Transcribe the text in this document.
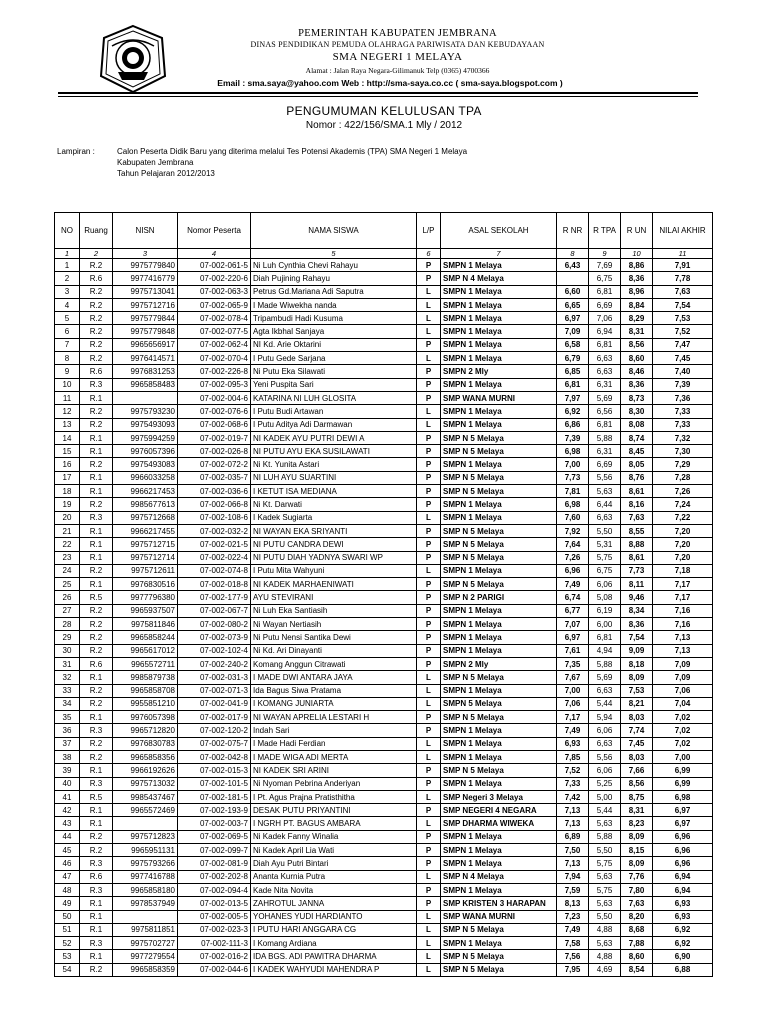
PEMERINTAH KABUPATEN JEMBRANA
DINAS PENDIDIKAN PEMUDA OLAHRAGA PARIWISATA DAN KEBUDAYAAN
SMA NEGERI 1 MELAYA
Alamat : Jalan Raya Negara-Gilimanuk Telp (0365) 4700366
Email : sma.saya@yahoo.com Web : http://sma-saya.co.cc ( sma-saya.blogspot.com )
PENGUMUMAN KELULUSAN TPA
Nomor : 422/156/SMA.1 Mly / 2012
Lampiran :	Calon Peserta Didik Baru yang diterima melalui Tes Potensi Akademis (TPA) SMA Negeri 1 Melaya
Kabupaten Jembrana
Tahun Pelajaran 2012/2013
NO	Ruang	NISN	Nomor Peserta	NAMA SISWA	L/P	ASAL SEKOLAH	R NR	R TPA	R UN	NILAI AKHIR
1	2	3	4	5	6	7	8	9	10	11
1	R.2	9975779840	07-002-061-5	Ni Luh Cynthia Chevi Rahayu	P	SMPN 1 Melaya	6,43	7,69	8,86	7,91
2	R.6	9977416779	07-002-220-6	Diah Pujining Rahayu	P	SMP N 4 Melaya		6,75	8,36	7,78
3	R.2	9975713041	07-002-063-3	Petrus Gd.Mariana Adi Saputra	L	SMPN 1 Melaya	6,60	6,81	8,96	7,63
4	R.2	9975712716	07-002-065-9	I Made Wiwekha nanda	L	SMPN 1 Melaya	6,65	6,69	8,84	7,54
5	R.2	9975779844	07-002-078-4	Tripambudi Hadi Kusuma	L	SMPN 1 Melaya	6,97	7,06	8,29	7,53
6	R.2	9975779848	07-002-077-5	Agta Ikbhal Sanjaya	L	SMPN 1 Melaya	7,09	6,94	8,31	7,52
7	R.2	9965656917	07-002-062-4	NI Kd. Arie Oktarini	P	SMPN 1 Melaya	6,58	6,81	8,56	7,47
8	R.2	9976414571	07-002-070-4	I Putu Gede Sarjana	L	SMPN 1 Melaya	6,79	6,63	8,60	7,45
9	R.6	9976831253	07-002-226-8	Ni Putu Eka Silawati	P	SMPN 2 Mly	6,85	6,63	8,46	7,40
10	R.3	9965858483	07-002-095-3	Yeni Puspita Sari	P	SMPN 1 Melaya	6,81	6,31	8,36	7,39
11	R.1		07-002-004-6	KATARINA NI LUH GLOSITA	P	SMP WANA MURNI	7,97	5,69	8,73	7,36
12	R.2	9975793230	07-002-076-6	I Putu Budi Artawan	L	SMPN 1 Melaya	6,92	6,56	8,30	7,33
13	R.2	9975493093	07-002-068-6	I Putu Aditya Adi Darmawan	L	SMPN 1 Melaya	6,86	6,81	8,08	7,33
14	R.1	9975994259	07-002-019-7	NI KADEK AYU PUTRI DEWI A	P	SMP N 5 Melaya	7,39	5,88	8,74	7,32
15	R.1	9976057396	07-002-026-8	NI PUTU AYU EKA SUSILAWATI	P	SMP N 5 Melaya	6,98	6,31	8,45	7,30
16	R.2	9975493083	07-002-072-2	Ni Kt. Yunita Astari	P	SMPN 1 Melaya	7,00	6,69	8,05	7,29
17	R.1	9966033258	07-002-035-7	NI LUH AYU SUARTINI	P	SMP N 5 Melaya	7,73	5,56	8,76	7,28
18	R.1	9966217453	07-002-036-6	I KETUT ISA MEDIANA	P	SMP N 5 Melaya	7,81	5,63	8,61	7,26
19	R.2	9985677613	07-002-066-8	Ni Kt. Darwati	P	SMPN 1 Melaya	6,98	6,44	8,16	7,24
20	R.3	9975712668	07-002-108-6	I Kadek Sugiarta	L	SMPN 1 Melaya	7,60	6,63	7,63	7,22
21	R.1	9966217455	07-002-032-2	NI WAYAN EKA SRIYANTI	P	SMP N 5 Melaya	7,92	5,50	8,55	7,20
22	R.1	9975712715	07-002-021-5	NI PUTU CANDRA DEWI	P	SMP N 5 Melaya	7,64	5,31	8,88	7,20
23	R.1	9975712714	07-002-022-4	NI PUTU DIAH YADNYA SWARI WP	P	SMP N 5 Melaya	7,26	5,75	8,61	7,20
24	R.2	9975712611	07-002-074-8	I Putu Mita Wahyuni	L	SMPN 1 Melaya	6,96	6,75	7,73	7,18
25	R.1	9976830516	07-002-018-8	NI KADEK MARHAENIWATI	P	SMP N 5 Melaya	7,49	6,06	8,11	7,17
26	R.5	9977796380	07-002-177-9	AYU STEVIRANI	P	SMP N 2 PARIGI	6,74	5,08	9,46	7,17
27	R.2	9965937507	07-002-067-7	Ni Luh Eka Santiasih	P	SMPN 1 Melaya	6,77	6,19	8,34	7,16
28	R.2	9975811846	07-002-080-2	Ni Wayan Nertiasih	P	SMPN 1 Melaya	7,07	6,00	8,36	7,16
29	R.2	9965858244	07-002-073-9	Ni Putu Nensi Santika Dewi	P	SMPN 1 Melaya	6,97	6,81	7,54	7,13
30	R.2	9965617012	07-002-102-4	Ni Kd. Ari Dinayanti	P	SMPN 1 Melaya	7,61	4,94	9,09	7,13
31	R.6	9965572711	07-002-240-2	Komang Anggun Citrawati	P	SMPN 2 Mly	7,35	5,88	8,18	7,09
32	R.1	9985879738	07-002-031-3	I MADE DWI ANTARA JAYA	L	SMP N 5 Melaya	7,67	5,69	8,09	7,09
33	R.2	9965858708	07-002-071-3	Ida Bagus Siwa Pratama	L	SMPN 1 Melaya	7,00	6,63	7,53	7,06
34	R.2	9955851210	07-002-041-9	I KOMANG JUNIARTA	L	SMPN 5 Melaya	7,06	5,44	8,21	7,04
35	R.1	9976057398	07-002-017-9	NI WAYAN APRELIA LESTARI H	P	SMP N 5 Melaya	7,17	5,94	8,03	7,02
36	R.3	9965712820	07-002-120-2	Indah Sari	P	SMPN 1 Melaya	7,49	6,06	7,74	7,02
37	R.2	9976830783	07-002-075-7	I Made Hadi Ferdian	L	SMPN 1 Melaya	6,93	6,63	7,45	7,02
38	R.2	9965858356	07-002-042-8	I MADE WIGA ADI MERTA	L	SMPN 1 Melaya	7,85	5,56	8,03	7,00
39	R.1	9966192626	07-002-015-3	NI KADEK SRI ARINI	P	SMP N 5 Melaya	7,52	6,06	7,66	6,99
40	R.3	9975713032	07-002-101-5	Ni Nyoman Pebrina Anderiyan	P	SMPN 1 Melaya	7,33	5,25	8,56	6,99
41	R.5	9985437467	07-002-181-5	I Pt. Agus Prajna Pratisthitha	L	SMP Negeri 3 Melaya	7,42	5,00	8,75	6,98
42	R.1	9965572469	07-002-193-9	DESAK PUTU PRIYANTINI	P	SMP NEGERI 4 NEGARA	7,13	5,44	8,31	6,97
43	R.1		07-002-003-7	I NGRH PT. BAGUS AMBARA	L	SMP DHARMA WIWEKA	7,13	5,63	8,23	6,97
44	R.2	9975712823	07-002-069-5	Ni Kadek Fanny Winalia	P	SMPN 1 Melaya	6,89	5,88	8,09	6,96
45	R.2	9965951131	07-002-099-7	Ni Kadek April Lia Wati	P	SMPN 1 Melaya	7,50	5,50	8,15	6,96
46	R.3	9975793266	07-002-081-9	Diah Ayu Putri Bintari	P	SMPN 1 Melaya	7,13	5,75	8,09	6,96
47	R.6	9977416788	07-002-202-8	Ananta Kurnia Putra	L	SMP N 4 Melaya	7,94	5,63	7,76	6,94
48	R.3	9965858180	07-002-094-4	Kade Nita Novita	P	SMPN 1 Melaya	7,59	5,75	7,80	6,94
49	R.1	9978537949	07-002-013-5	ZAHROTUL JANNA	P	SMP KRISTEN 3 HARAPAN	8,13	5,63	7,63	6,93
50	R.1		07-002-005-5	YOHANES YUDI HARDIANTO	L	SMP WANA MURNI	7,23	5,50	8,20	6,93
51	R.1	9975811851	07-002-023-3	I PUTU HARI ANGGARA CG	L	SMP N 5 Melaya	7,49	4,88	8,68	6,92
52	R.3	9975702727	07-002-111-3	I Komang Ardiana	L	SMPN 1 Melaya	7,58	5,63	7,88	6,92
53	R.1	9977279554	07-002-016-2	IDA BGS. ADI PAWITRA DHARMA	L	SMP N 5 Melaya	7,56	4,88	8,60	6,90
54	R.2	9965858359	07-002-044-6	I KADEK WAHYUDI MAHENDRA P	L	SMP N 5 Melaya	7,95	4,69	8,54	6,88
